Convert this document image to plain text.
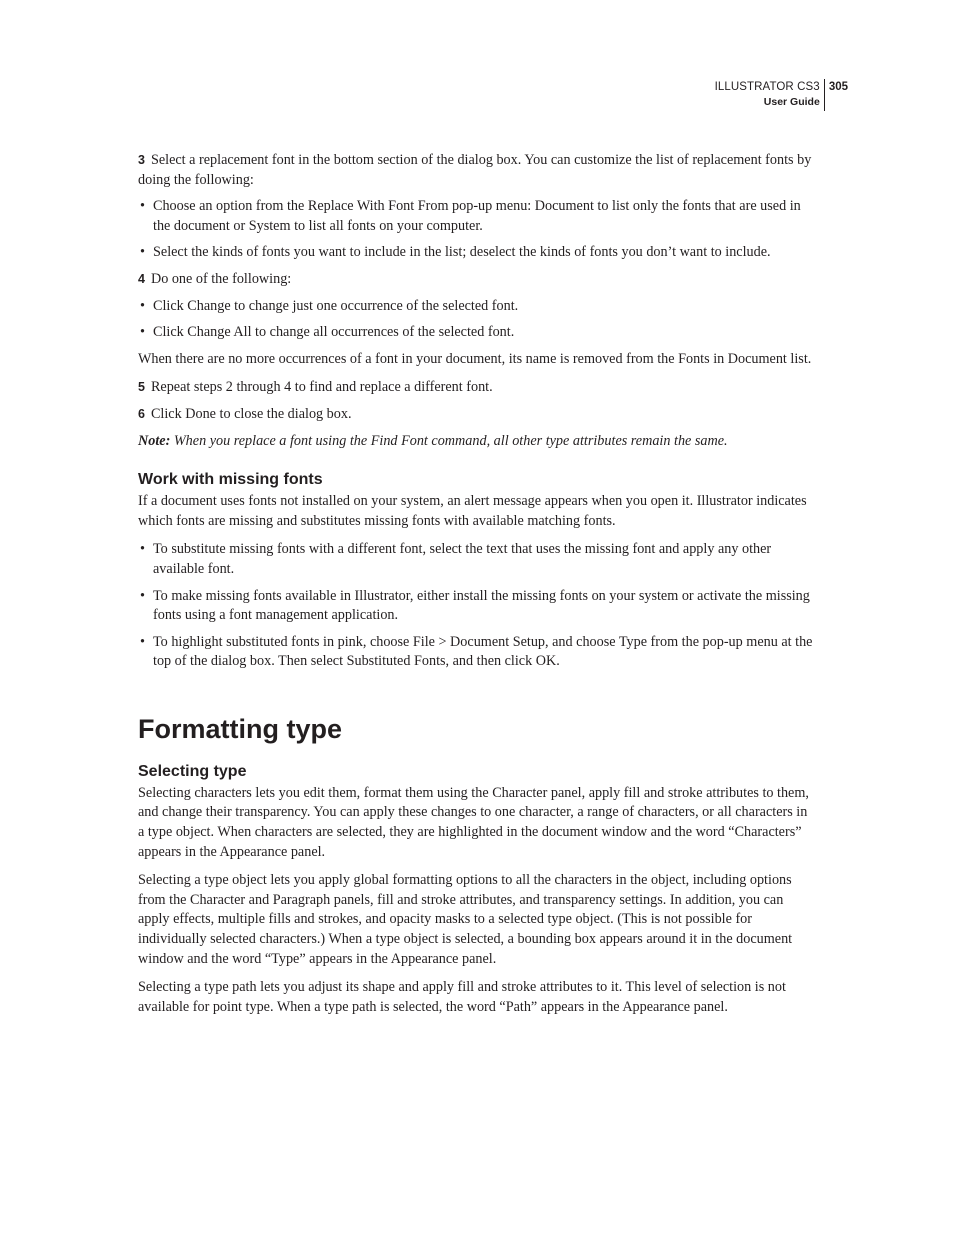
ILLUSTRATOR CS3
User Guide
305

3 Select a replacement font in the bottom section of the dialog box. You can customize the list of replacement fonts by doing the following:

• Choose an option from the Replace With Font From pop-up menu: Document to list only the fonts that are used in the document or System to list all fonts on your computer.
• Select the kinds of fonts you want to include in the list; deselect the kinds of fonts you don’t want to include.

4 Do one of the following:

• Click Change to change just one occurrence of the selected font.
• Click Change All to change all occurrences of the selected font.

When there are no more occurrences of a font in your document, its name is removed from the Fonts in Document list.

5 Repeat steps 2 through 4 to find and replace a different font.

6 Click Done to close the dialog box.

Note: When you replace a font using the Find Font command, all other type attributes remain the same.

Work with missing fonts

If a document uses fonts not installed on your system, an alert message appears when you open it. Illustrator indicates which fonts are missing and substitutes missing fonts with available matching fonts.

• To substitute missing fonts with a different font, select the text that uses the missing font and apply any other available font.
• To make missing fonts available in Illustrator, either install the missing fonts on your system or activate the missing fonts using a font management application.
• To highlight substituted fonts in pink, choose File > Document Setup, and choose Type from the pop-up menu at the top of the dialog box. Then select Substituted Fonts, and then click OK.
Formatting type
Selecting type

Selecting characters lets you edit them, format them using the Character panel, apply fill and stroke attributes to them, and change their transparency. You can apply these changes to one character, a range of characters, or all characters in a type object. When characters are selected, they are highlighted in the document window and the word “Characters” appears in the Appearance panel.

Selecting a type object lets you apply global formatting options to all the characters in the object, including options from the Character and Paragraph panels, fill and stroke attributes, and transparency settings. In addition, you can apply effects, multiple fills and strokes, and opacity masks to a selected type object. (This is not possible for individually selected characters.) When a type object is selected, a bounding box appears around it in the document window and the word “Type” appears in the Appearance panel.

Selecting a type path lets you adjust its shape and apply fill and stroke attributes to it. This level of selection is not available for point type. When a type path is selected, the word “Path” appears in the Appearance panel.
